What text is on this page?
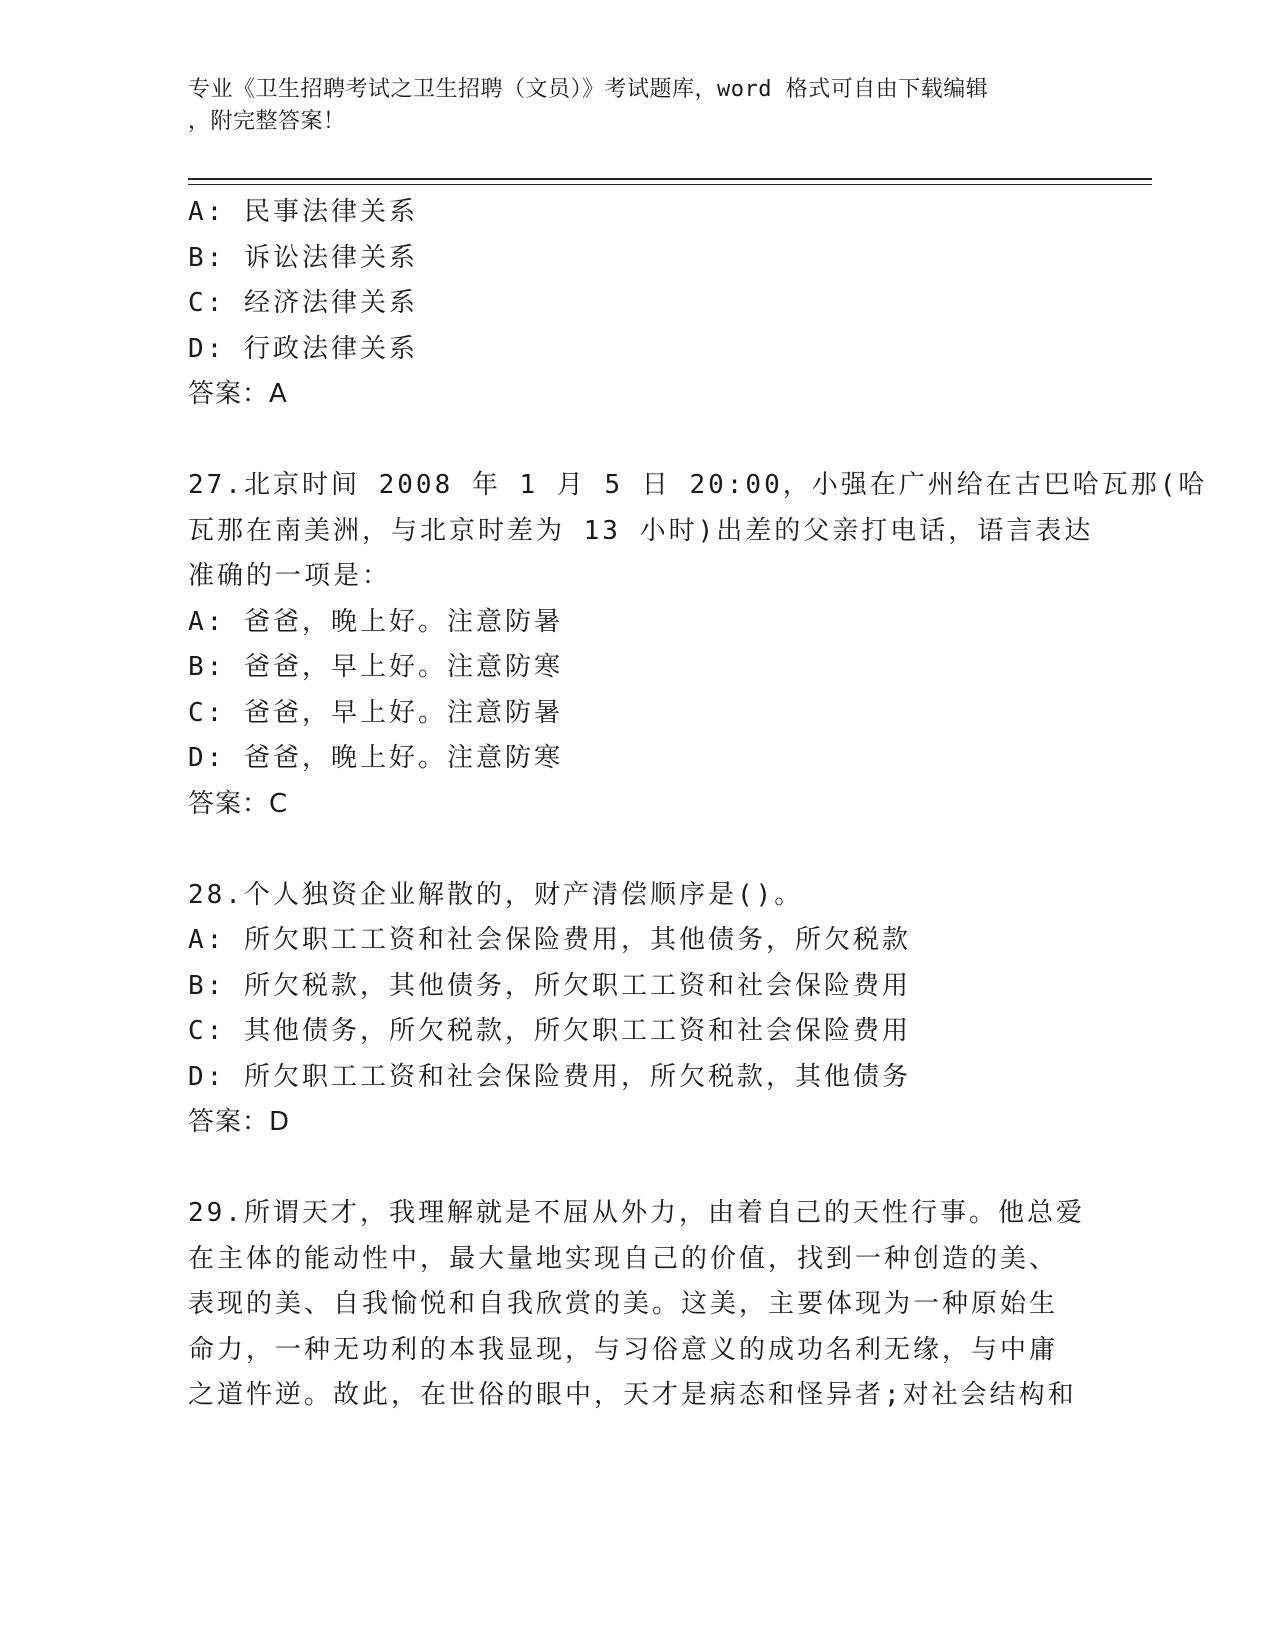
专业《卫生招聘考试之卫生招聘（文员）》考试题库，word 格式可自由下载编辑
，附完整答案！
A: 民事法律关系
B: 诉讼法律关系
C: 经济法律关系
D: 行政法律关系
答案：A
27.北京时间 2008 年 1 月 5 日 20:00，小强在广州给在古巴哈瓦那(哈
瓦那在南美洲，与北京时差为 13 小时)出差的父亲打电话，语言表达
准确的一项是：
A: 爸爸，晚上好。注意防暑
B: 爸爸，早上好。注意防寒
C: 爸爸，早上好。注意防暑
D: 爸爸，晚上好。注意防寒
答案：C
28.个人独资企业解散的，财产清偿顺序是()。
A: 所欠职工工资和社会保险费用，其他债务，所欠税款
B: 所欠税款，其他债务，所欠职工工资和社会保险费用
C: 其他债务，所欠税款，所欠职工工资和社会保险费用
D: 所欠职工工资和社会保险费用，所欠税款，其他债务
答案：D
29.所谓天才，我理解就是不屈从外力，由着自己的天性行事。他总爱
在主体的能动性中，最大量地实现自己的价值，找到一种创造的美、
表现的美、自我愉悦和自我欣赏的美。这美，主要体现为一种原始生
命力，一种无功利的本我显现，与习俗意义的成功名利无缘，与中庸
之道忤逆。故此，在世俗的眼中，天才是病态和怪异者;对社会结构和
